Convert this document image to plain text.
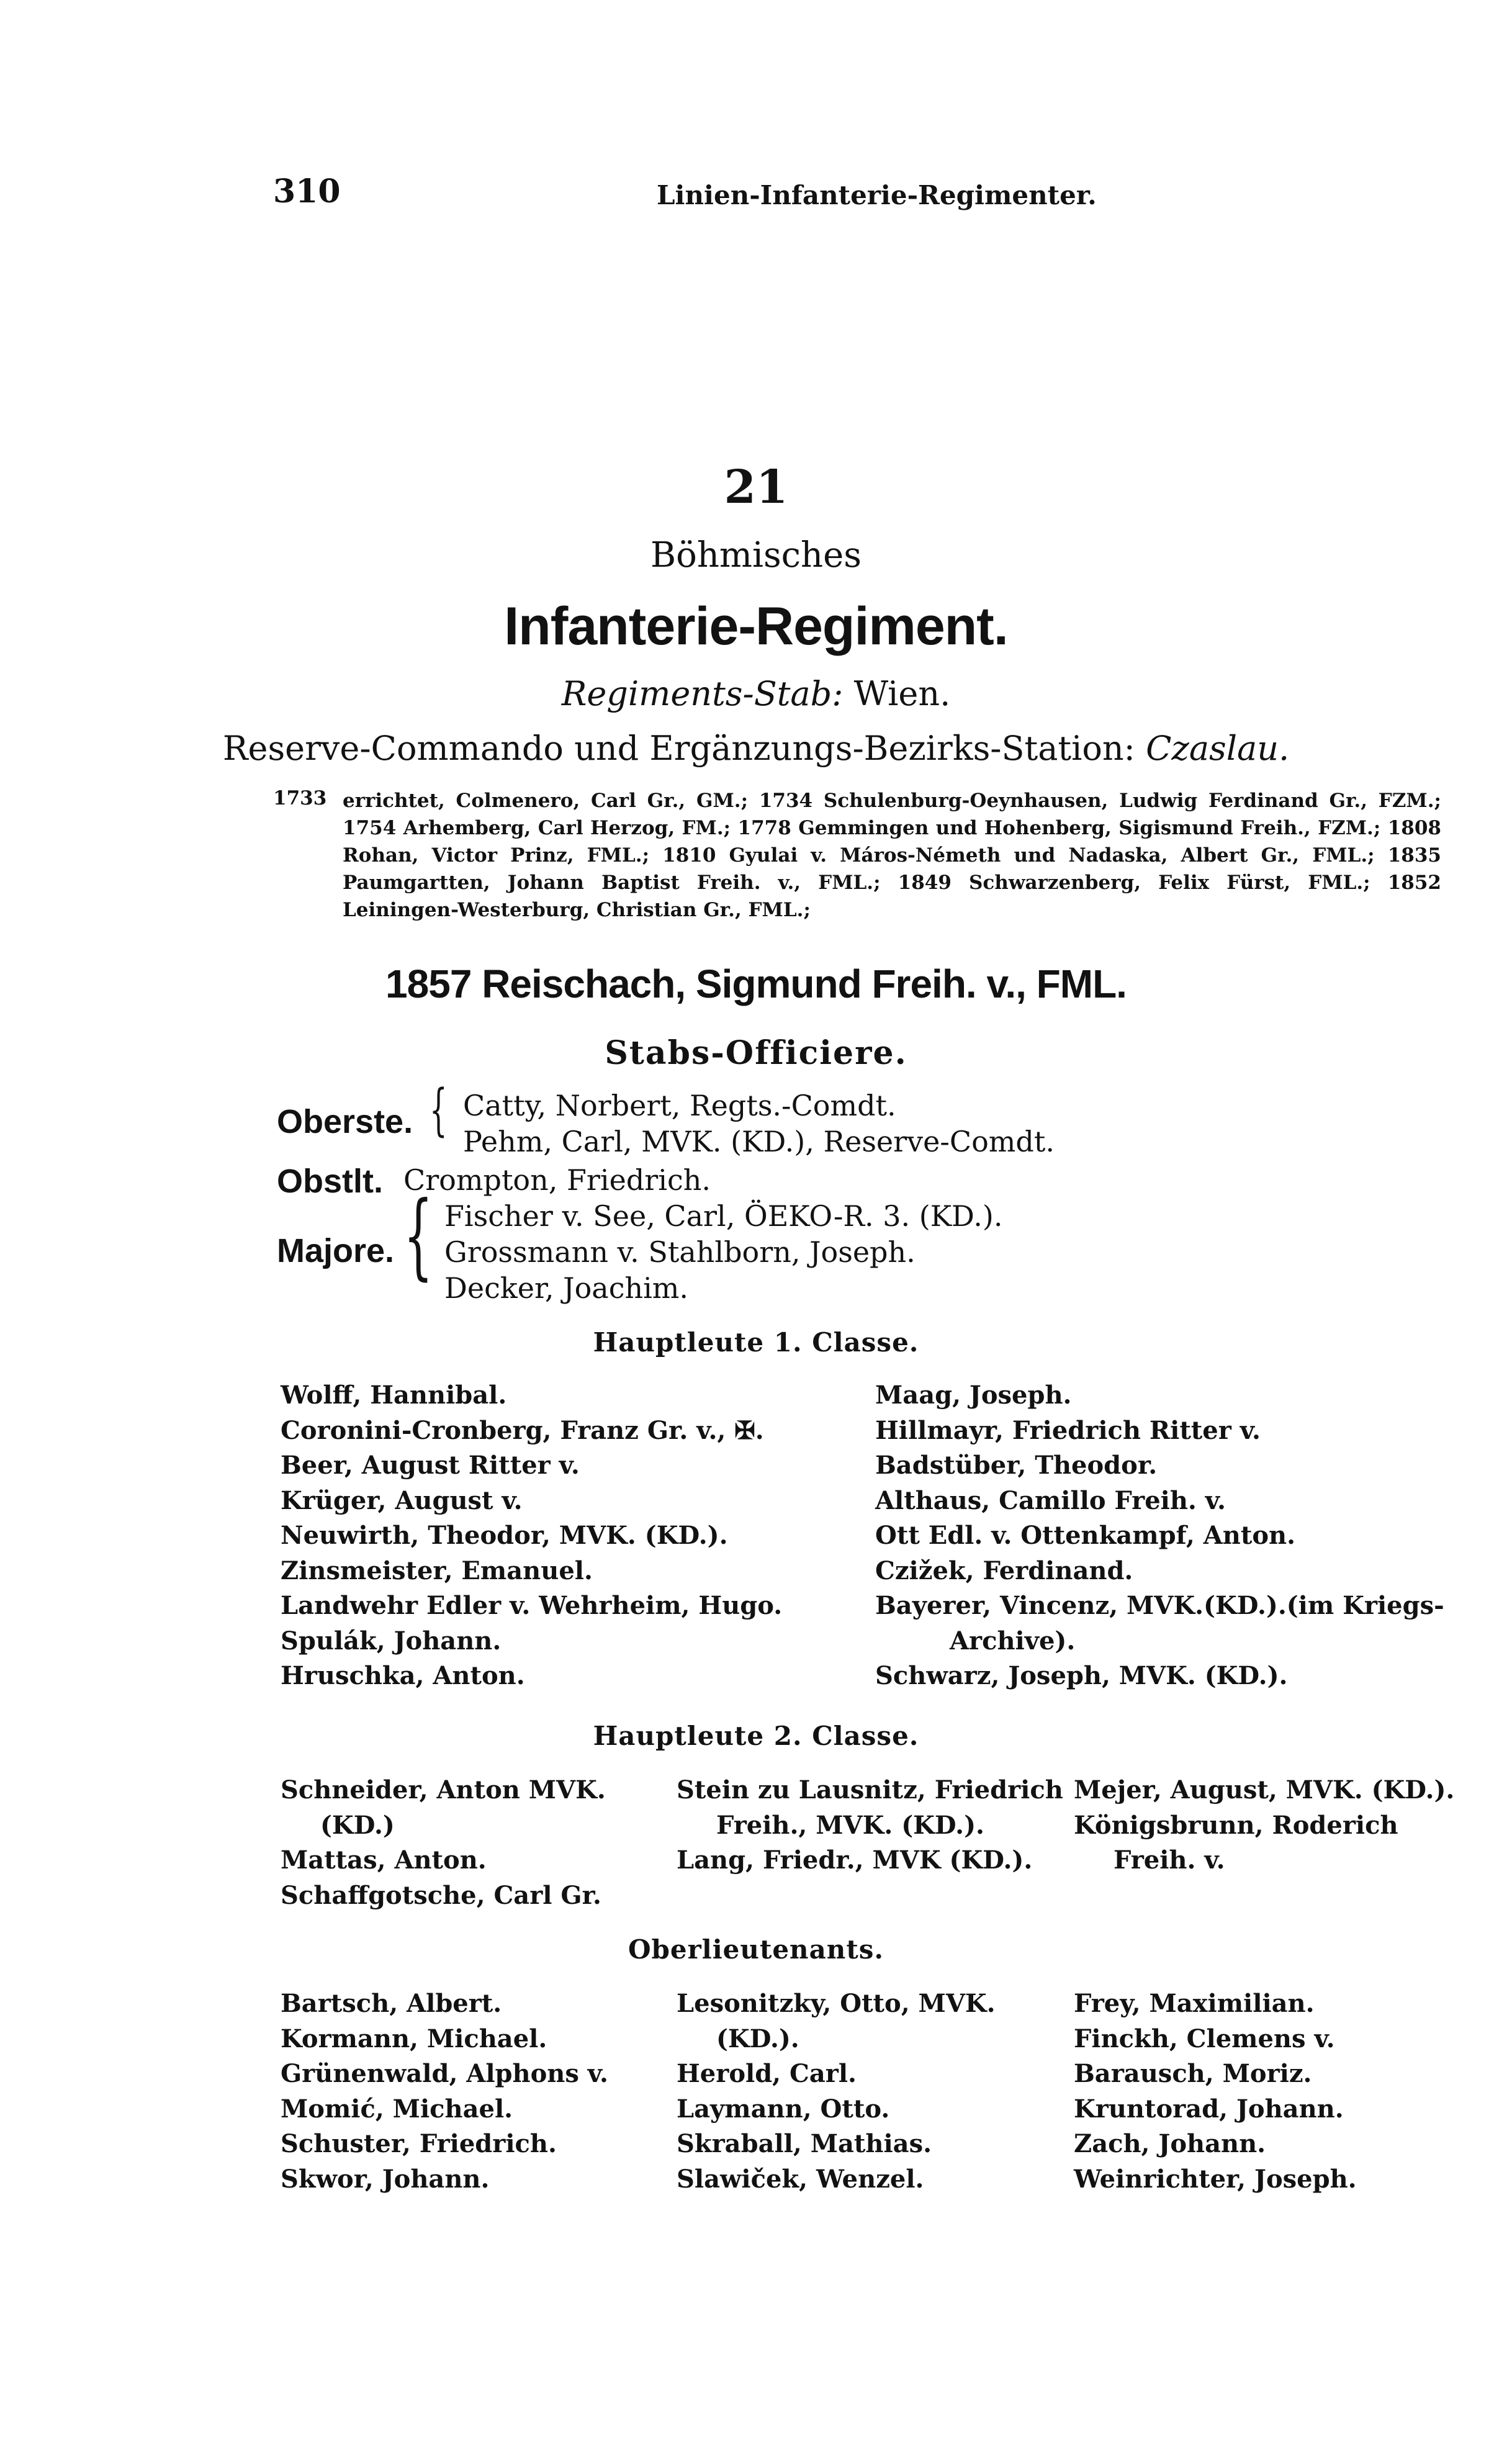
310	Linien-Infanterie-Regimenter.
21
Böhmisches
Infanterie-Regiment.
Regiments-Stab: Wien.
Reserve-Commando und Ergänzungs-Bezirks-Station: Czaslau.
1733 errichtet, Colmenero, Carl Gr., GM.; 1734 Schulenburg-Oeynhausen, Ludwig Ferdinand Gr., FZM.; 1754 Arhemberg, Carl Herzog, FM.; 1778 Gemmingen und Hohenberg, Sigismund Freih., FZM.; 1808 Rohan, Victor Prinz, FML.; 1810 Gyulai v. Máros-Németh und Nadaska, Albert Gr., FML.; 1835 Paumgartten, Johann Baptist Freih. v., FML.; 1849 Schwarzenberg, Felix Fürst, FML.; 1852 Leiningen-Westerburg, Christian Gr., FML.;
1857 Reischach, Sigmund Freih. v., FML.
Stabs-Officiere.
Oberste. { Catty, Norbert, Regts.-Comdt.
Pehm, Carl, MVK. (KD.), Reserve-Comdt.
Obstlt. Crompton, Friedrich.
Majore. { Fischer v. See, Carl, ÖEKO-R. 3. (KD.).
Grossmann v. Stahlborn, Joseph.
Decker, Joachim.
Hauptleute 1. Classe.
Wolff, Hannibal.
Coronini-Cronberg, Franz Gr. v., ✠.
Beer, August Ritter v.
Krüger, August v.
Neuwirth, Theodor, MVK. (KD.).
Zinsmeister, Emanuel.
Landwehr Edler v. Wehrheim, Hugo.
Spulák, Johann.
Hruschka, Anton.
Maag, Joseph.
Hillmayr, Friedrich Ritter v.
Badstüber, Theodor.
Althaus, Camillo Freih. v.
Ott Edl. v. Ottenkampf, Anton.
Czižek, Ferdinand.
Bayerer, Vincenz, MVK.(KD.).(im Kriegs-
Archive).
Schwarz, Joseph, MVK. (KD.).
Hauptleute 2. Classe.
Schneider, Anton MVK.
(KD.)
Mattas, Anton.
Schaffgotsche, Carl Gr.
Stein zu Lausnitz, Friedrich
Freih., MVK. (KD.).
Lang, Friedr., MVK (KD.).
Mejer, August, MVK. (KD.).
Königsbrunn, Roderich
Freih. v.
Oberlieutenants.
Bartsch, Albert.
Kormann, Michael.
Grünenwald, Alphons v.
Momić, Michael.
Schuster, Friedrich.
Skwor, Johann.
Lesonitzky, Otto, MVK.
(KD.).
Herold, Carl.
Laymann, Otto.
Skraball, Mathias.
Slawiček, Wenzel.
Frey, Maximilian.
Finckh, Clemens v.
Barausch, Moriz.
Kruntorad, Johann.
Zach, Johann.
Weinrichter, Joseph.
